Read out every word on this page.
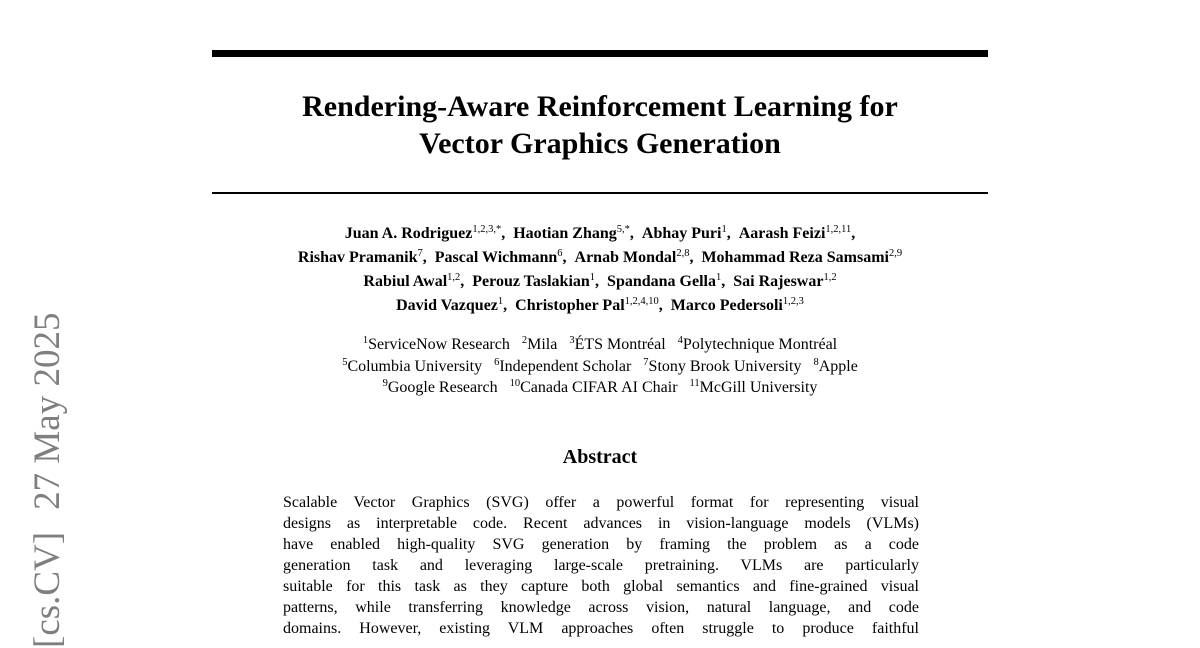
[cs.CV]27 May 2025
Rendering-Aware Reinforcement Learning for
Vector Graphics Generation
Juan A. Rodriguez$^{1,2,3,*}$, Haotian Zhang$^{5,*}$, Abhay Puri$^1$, Aarash Feizi$^{1,2,11}$,
Rishav Pramanik$^7$, Pascal Wichmann$^6$, Arnab Mondal$^{2,8}$, Mohammad Reza Samsami$^{2,9}$
Rabiul Awal$^{1,2}$, Perouz Taslakian$^1$, Spandana Gella$^1$, Sai Rajeswar$^{1,2}$
David Vazquez$^1$, Christopher Pal$^{1,2,4,10}$, Marco Pedersoli$^{1,2,3}$
$^1$ServiceNow Research $^2$Mila $^3$ÉTS Montréal $^4$Polytechnique Montréal
$^5$Columbia University $^6$Independent Scholar $^7$Stony Brook University $^8$Apple
$^9$Google Research $^{10}$Canada CIFAR AI Chair $^{11}$McGill University
Abstract
Scalable Vector Graphics (SVG) offer a powerful format for representing visual
designs as interpretable code. Recent advances in vision-language models (VLMs)
have enabled high-quality SVG generation by framing the problem as a code
generation task and leveraging large-scale pretraining. VLMs are particularly
suitable for this task as they capture both global semantics and fine-grained visual
patterns, while transferring knowledge across vision, natural language, and code
domains. However, existing VLM approaches often struggle to produce faithful
